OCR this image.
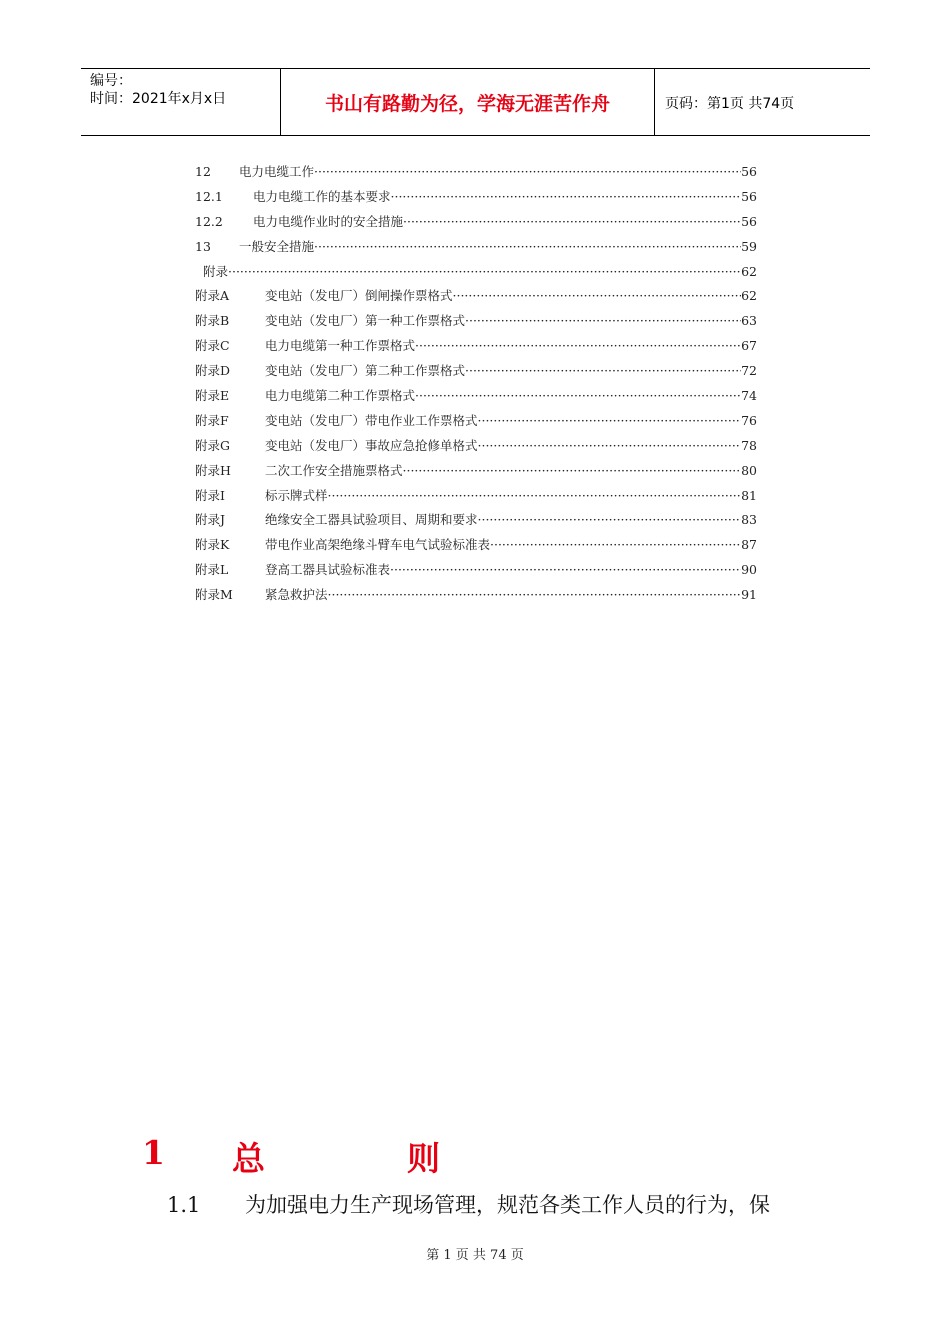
编号：
时间：2021年x月x日	书山有路勤为径，学海无涯苦作舟	页码：第1页 共74页
12	电力电缆工作 ·····	56
12.1	电力电缆工作的基本要求 ·····	56
12.2	电力电缆作业时的安全措施 ·····	56
13	一般安全措施 ·····	59
附录 ·····	62
附录A	变电站（发电厂）倒闸操作票格式 ·····	62
附录B	变电站（发电厂）第一种工作票格式 ·····	63
附录C	电力电缆第一种工作票格式 ·····	67
附录D	变电站（发电厂）第二种工作票格式 ·····	72
附录E	电力电缆第二种工作票格式 ·····	74
附录F	变电站（发电厂）带电作业工作票格式 ·····	76
附录G	变电站（发电厂）事故应急抢修单格式 ·····	78
附录H	二次工作安全措施票格式 ·····	80
附录I	标示牌式样 ·····	81
附录J	绝缘安全工器具试验项目、周期和要求 ·····	83
附录K	带电作业高架绝缘斗臂车电气试验标准表 ·····	87
附录L	登高工器具试验标准表 ·····	90
附录M	紧急救护法 ·····	91
1 总	则
1.1 为加强电力生产现场管理，规范各类工作人员的行为，保
第 1 页 共 74 页
